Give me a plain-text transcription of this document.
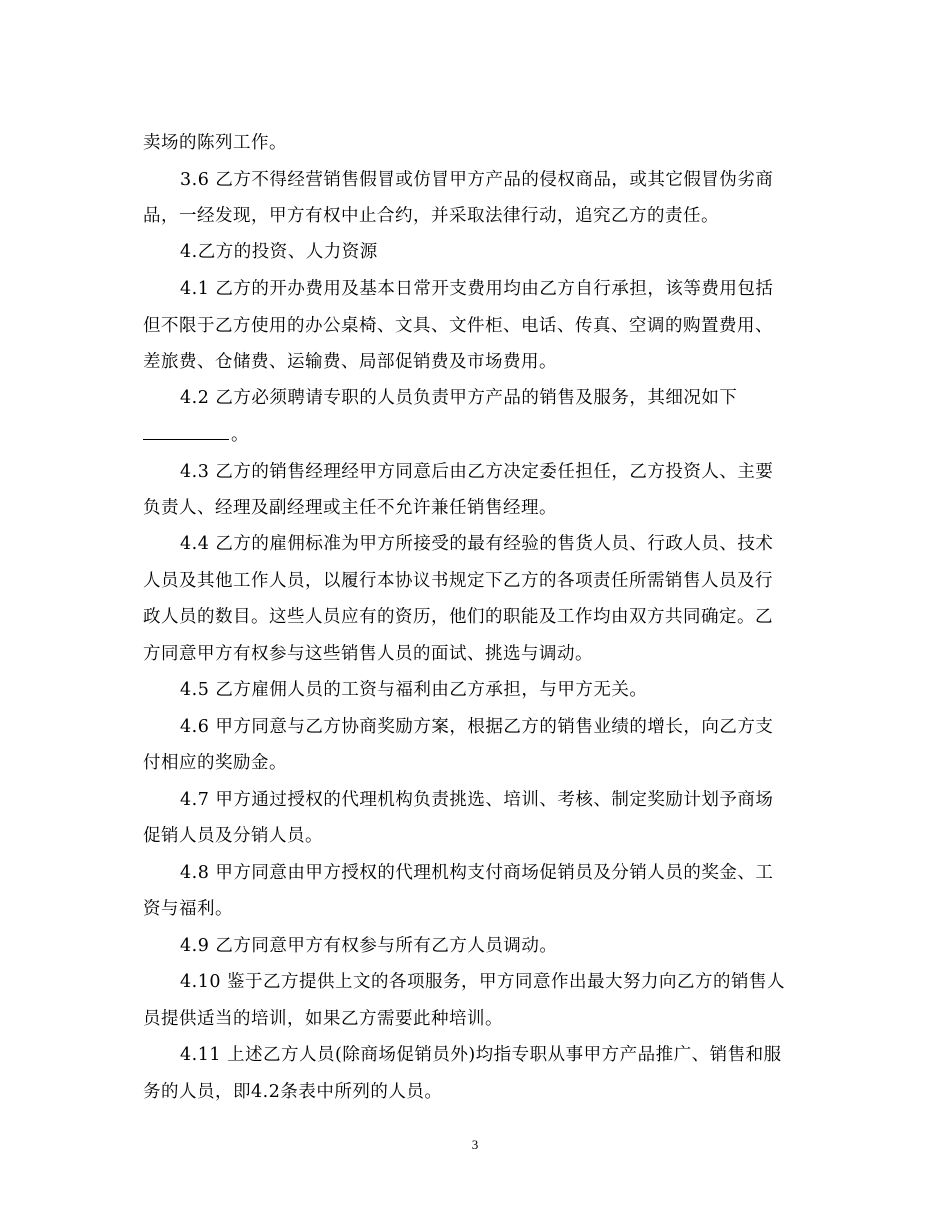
卖场的陈列工作。
3.6 乙方不得经营销售假冒或仿冒甲方产品的侵权商品，或其它假冒伪劣商
品，一经发现，甲方有权中止合约，并采取法律行动，追究乙方的责任。
4.乙方的投资、人力资源
4.1 乙方的开办费用及基本日常开支费用均由乙方自行承担，该等费用包括
但不限于乙方使用的办公桌椅、文具、文件柜、电话、传真、空调的购置费用、
差旅费、仓储费、运输费、局部促销费及市场费用。
4.2 乙方必须聘请专职的人员负责甲方产品的销售及服务，其细况如下
。
4.3 乙方的销售经理经甲方同意后由乙方决定委任担任，乙方投资人、主要
负责人、经理及副经理或主任不允许兼任销售经理。
4.4 乙方的雇佣标准为甲方所接受的最有经验的售货人员、行政人员、技术
人员及其他工作人员，以履行本协议书规定下乙方的各项责任所需销售人员及行
政人员的数目。这些人员应有的资历，他们的职能及工作均由双方共同确定。乙
方同意甲方有权参与这些销售人员的面试、挑选与调动。
4.5 乙方雇佣人员的工资与福利由乙方承担，与甲方无关。
4.6 甲方同意与乙方协商奖励方案，根据乙方的销售业绩的增长，向乙方支
付相应的奖励金。
4.7 甲方通过授权的代理机构负责挑选、培训、考核、制定奖励计划予商场
促销人员及分销人员。
4.8 甲方同意由甲方授权的代理机构支付商场促销员及分销人员的奖金、工
资与福利。
4.9 乙方同意甲方有权参与所有乙方人员调动。
4.10 鉴于乙方提供上文的各项服务，甲方同意作出最大努力向乙方的销售人
员提供适当的培训，如果乙方需要此种培训。
4.11 上述乙方人员(除商场促销员外)均指专职从事甲方产品推广、销售和服
务的人员，即4.2条表中所列的人员。
3
